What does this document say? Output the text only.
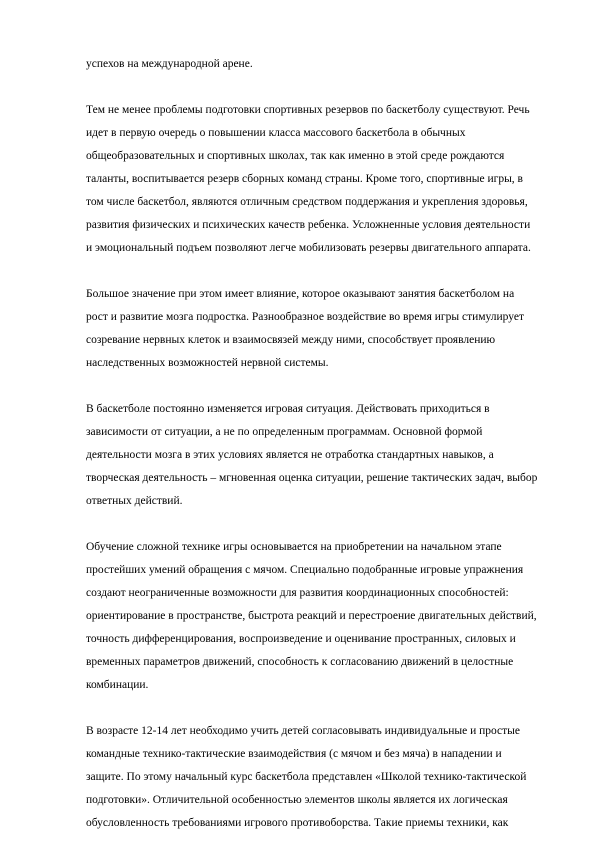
успехов на международной арене.
Тем не менее проблемы подготовки спортивных резервов по баскетболу существуют. Речь
идет в первую очередь о повышении класса массового баскетбола в обычных
общеобразовательных и спортивных школах, так как именно в этой среде рождаются
таланты, воспитывается резерв сборных команд страны. Кроме того, спортивные игры, в
том числе баскетбол, являются отличным средством поддержания и укрепления здоровья,
развития физических и психических качеств ребенка. Усложненные условия деятельности
и эмоциональный подъем позволяют легче мобилизовать резервы двигательного аппарата.
Большое значение при этом имеет влияние, которое оказывают занятия баскетболом на
рост и развитие мозга подростка. Разнообразное воздействие во время игры стимулирует
созревание нервных клеток и взаимосвязей между ними, способствует проявлению
наследственных возможностей нервной системы.
В баскетболе постоянно изменяется игровая ситуация. Действовать приходиться в
зависимости от ситуации, а не по определенным программам. Основной формой
деятельности мозга в этих условиях является не отработка стандартных навыков, а
творческая деятельность – мгновенная оценка ситуации, решение тактических задач, выбор
ответных действий.
Обучение сложной технике игры основывается на приобретении на начальном этапе
простейших умений обращения с мячом. Специально подобранные игровые упражнения
создают неограниченные возможности для развития координационных способностей:
ориентирование в пространстве, быстрота реакций и перестроение двигательных действий,
точность дифференцирования, воспроизведение и оценивание пространных, силовых и
временных параметров движений, способность к согласованию движений в целостные
комбинации.
В возрасте 12-14 лет необходимо учить детей согласовывать индивидуальные и простые
командные технико-тактические взаимодействия (с мячом и без мяча) в нападении и
защите. По этому начальный курс баскетбола представлен «Школой технико-тактической
подготовки». Отличительной особенностью элементов школы является их логическая
обусловленность требованиями игрового противоборства. Такие приемы техники, как
